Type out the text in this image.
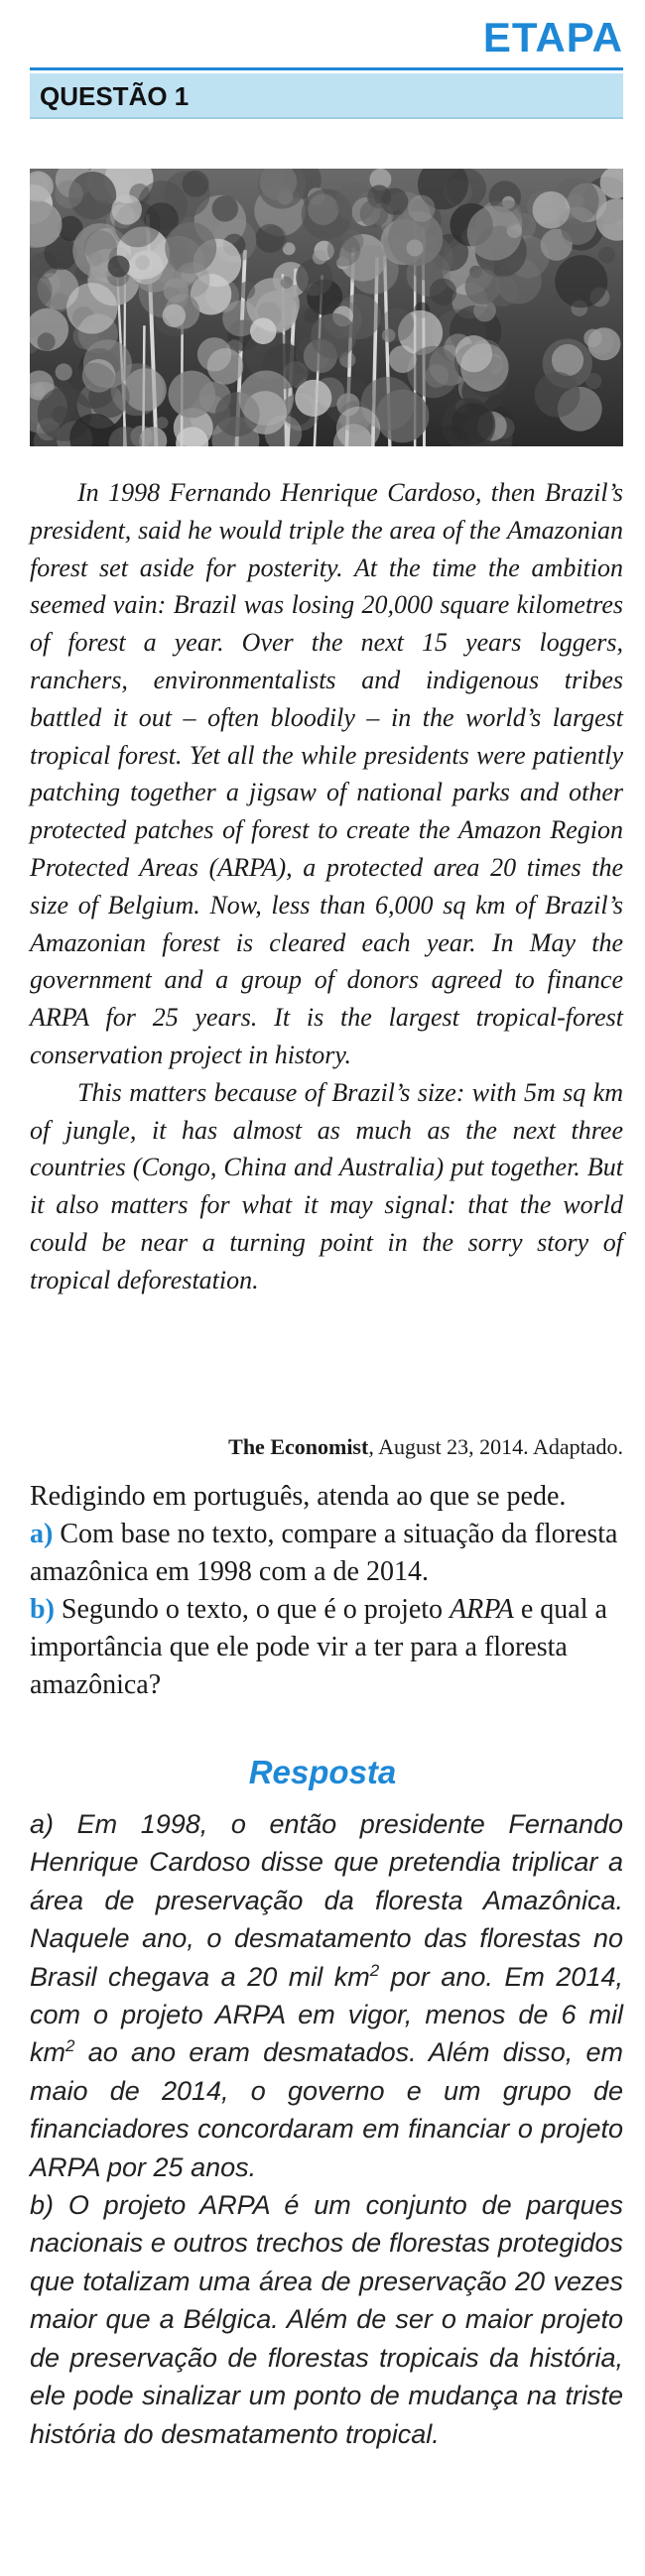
ETAPA
QUESTÃO 1

In 1998 Fernando Henrique Cardoso, then Brazil’s president, said he would triple the area of the Amazonian forest set aside for posterity. At the time the ambition seemed vain: Brazil was losing 20,000 square kilometres of forest a year. Over the next 15 years loggers, ranchers, environmentalists and indigenous tribes battled it out – often bloodily – in the world’s largest tropical forest. Yet all the while presidents were patiently patching together a jigsaw of national parks and other protected patches of forest to create the Amazon Region Protected Areas (ARPA), a protected area 20 times the size of Belgium. Now, less than 6,000 sq km of Brazil’s Amazonian forest is cleared each year. In May the government and a group of donors agreed to finance ARPA for 25 years. It is the largest tropical-forest conservation project in history.

This matters because of Brazil’s size: with 5m sq km of jungle, it has almost as much as the next three countries (Congo, China and Australia) put together. But it also matters for what it may signal: that the world could be near a turning point in the sorry story of tropical deforestation.

The Economist, August 23, 2014. Adaptado.

Redigindo em português, atenda ao que se pede.

a) Com base no texto, compare a situação da floresta amazônica em 1998 com a de 2014.

b) Segundo o texto, o que é o projeto ARPA e qual a importância que ele pode vir a ter para a floresta amazônica?

Resposta

a) Em 1998, o então presidente Fernando Henrique Cardoso disse que pretendia triplicar a área de preservação da floresta Amazônica. Naquele ano, o desmatamento das florestas no Brasil chegava a 20 mil $km^2$ por ano. Em 2014, com o projeto ARPA em vigor, menos de 6 mil $km^2$ ao ano eram desmatados. Além disso, em maio de 2014, o governo e um grupo de financiadores concordaram em financiar o projeto ARPA por 25 anos.

b) O projeto ARPA é um conjunto de parques nacionais e outros trechos de florestas protegidos que totalizam uma área de preservação 20 vezes maior que a Bélgica. Além de ser o maior projeto de preservação de florestas tropicais da história, ele pode sinalizar um ponto de mudança na triste história do desmatamento tropical.
